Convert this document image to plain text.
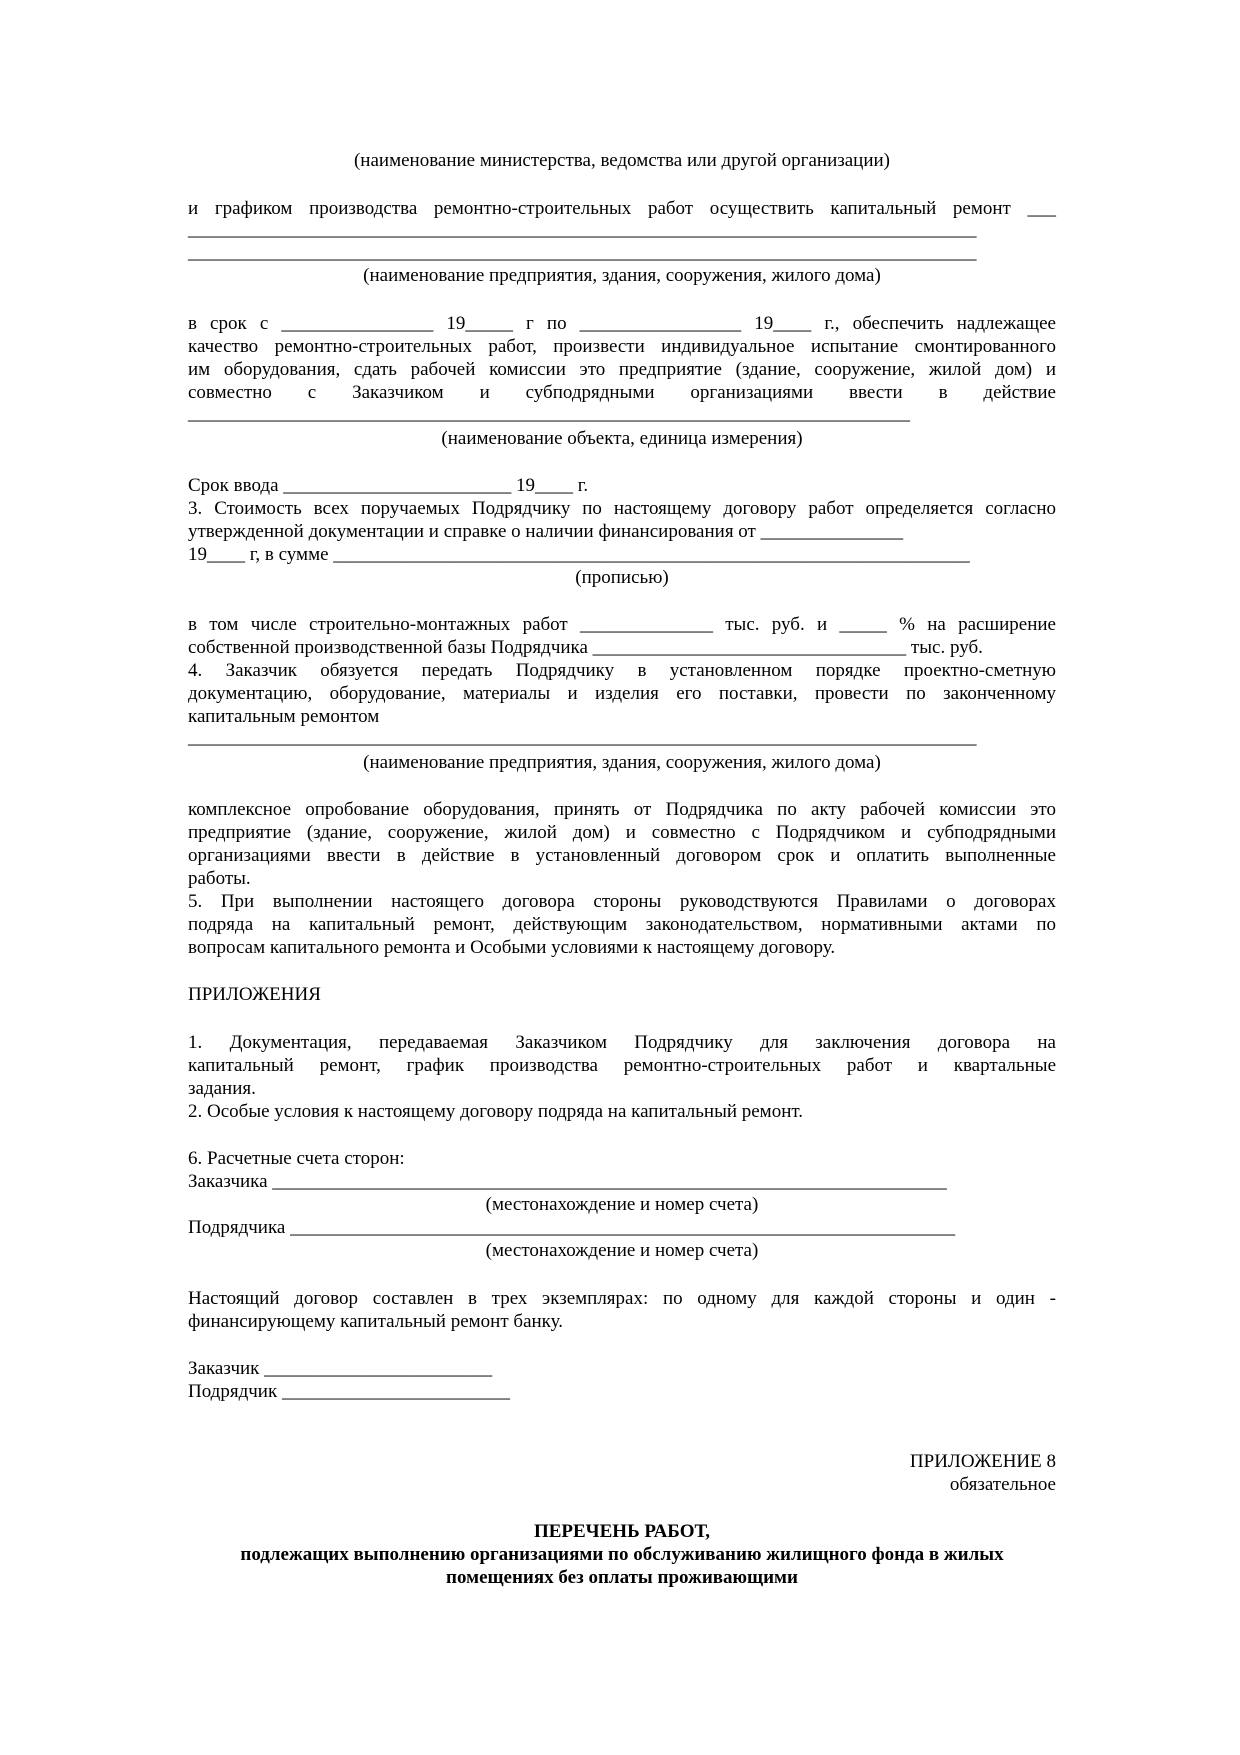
(наименование министерства, ведомства или другой организации)
и графиком производства ремонтно-строительных работ осуществить капитальный ремонт ___
___________________________________________________________________________________
___________________________________________________________________________________
(наименование предприятия, здания, сооружения, жилого дома)
в срок с ________________ 19_____ г по _________________ 19____ г., обеспечить надлежащее
качество ремонтно-строительных работ, произвести индивидуальное испытание смонтированного
им оборудования, сдать рабочей комиссии это предприятие (здание, сооружение, жилой дом) и
совместно с Заказчиком и субподрядными организациями ввести в действие
____________________________________________________________________________
(наименование объекта, единица измерения)
Срок ввода ________________________ 19____ г.
3. Стоимость всех поручаемых Подрядчику по настоящему договору работ определяется согласно
утвержденной документации и справке о наличии финансирования от _______________
19____ г, в сумме ___________________________________________________________________
(прописью)
в том числе строительно-монтажных работ ______________ тыс. руб. и _____ % на расширение
собственной производственной базы Подрядчика _________________________________ тыс. руб.
4. Заказчик обязуется передать Подрядчику в установленном порядке проектно-сметную
документацию, оборудование, материалы и изделия его поставки, провести по законченному
капитальным ремонтом
___________________________________________________________________________________
(наименование предприятия, здания, сооружения, жилого дома)
комплексное опробование оборудования, принять от Подрядчика по акту рабочей комиссии это
предприятие (здание, сооружение, жилой дом) и совместно с Подрядчиком и субподрядными
организациями ввести в действие в установленный договором срок и оплатить выполненные
работы.
5. При выполнении настоящего договора стороны руководствуются Правилами о договорах
подряда на капитальный ремонт, действующим законодательством, нормативными актами по
вопросам капитального ремонта и Особыми условиями к настоящему договору.
ПРИЛОЖЕНИЯ
1. Документация, передаваемая Заказчиком Подрядчику для заключения договора на
капитальный ремонт, график производства ремонтно-строительных работ и квартальные
задания.
2. Особые условия к настоящему договору подряда на капитальный ремонт.
6. Расчетные счета сторон:
Заказчика _______________________________________________________________________
(местонахождение и номер счета)
Подрядчика ______________________________________________________________________
(местонахождение и номер счета)
Настоящий договор составлен в трех экземплярах: по одному для каждой стороны и один -
финансирующему капитальный ремонт банку.
Заказчик ________________________
Подрядчик ________________________
ПРИЛОЖЕНИЕ 8
обязательное
ПЕРЕЧЕНЬ РАБОТ,
подлежащих выполнению организациями по обслуживанию жилищного фонда в жилых
помещениях без оплаты проживающими
